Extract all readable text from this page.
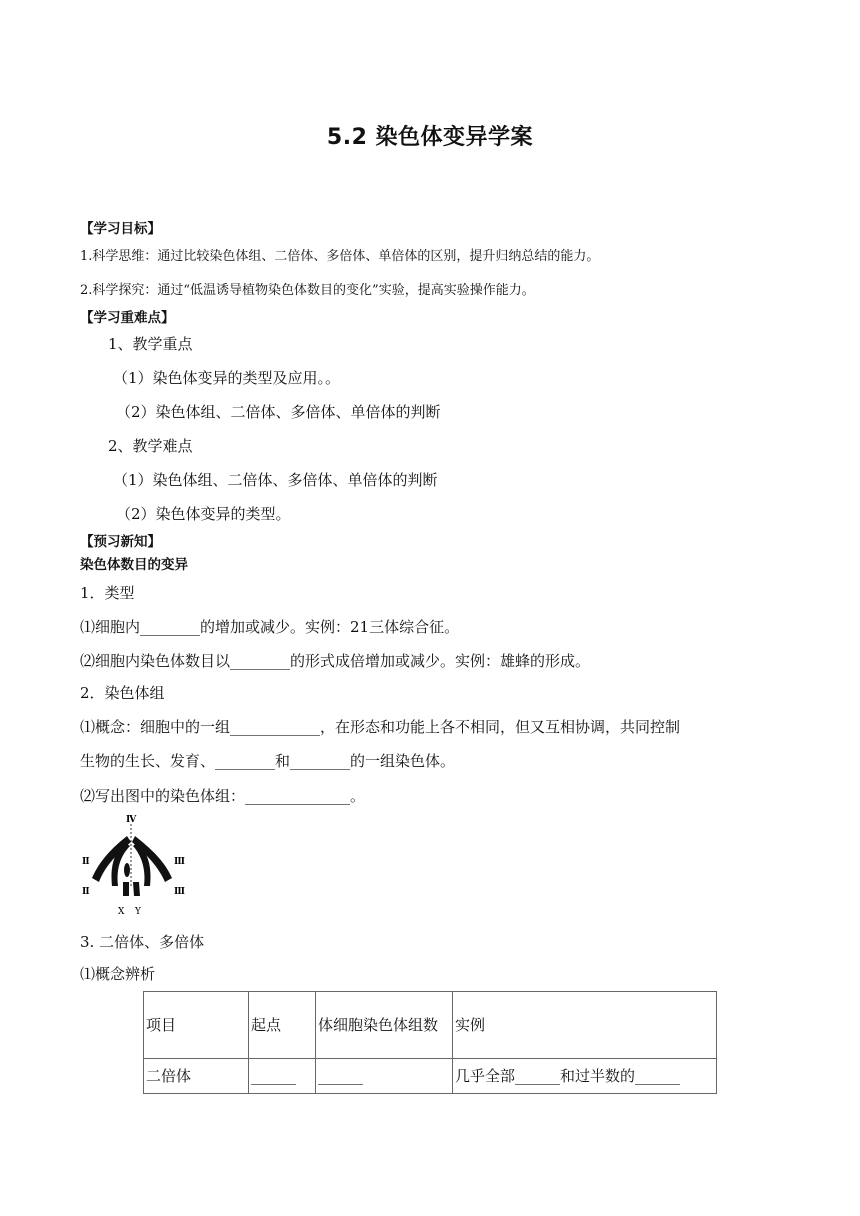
5.2 染色体变异学案
【学习目标】
1.科学思维：通过比较染色体组、二倍体、多倍体、单倍体的区别，提升归纳总结的能力。
2.科学探究：通过“低温诱导植物染色体数目的变化”实验，提高实验操作能力。
【学习重难点】
1、教学重点
（1）染色体变异的类型及应用。。
（2）染色体组、二倍体、多倍体、单倍体的判断
2、教学难点
（1）染色体组、二倍体、多倍体、单倍体的判断
（2）染色体变异的类型。
【预习新知】
染色体数目的变异
1．类型
⑴细胞内________的增加或减少。实例：21三体综合征。
⑵细胞内染色体数目以________的形式成倍增加或减少。实例：雄蜂的形成。
2．染色体组
⑴概念：细胞中的一组____________，在形态和功能上各不相同，但又互相协调，共同控制
生物的生长、发育、________和________的一组染色体。
⑵写出图中的染色体组：______________。
Ⅳ
Ⅱ	Ⅲ
Ⅱ	Ⅲ
X Y
3. 二倍体、多倍体
⑴概念辨析
项目	起点	体细胞染色体组数	实例
二倍体	______	______	几乎全部______和过半数的______
